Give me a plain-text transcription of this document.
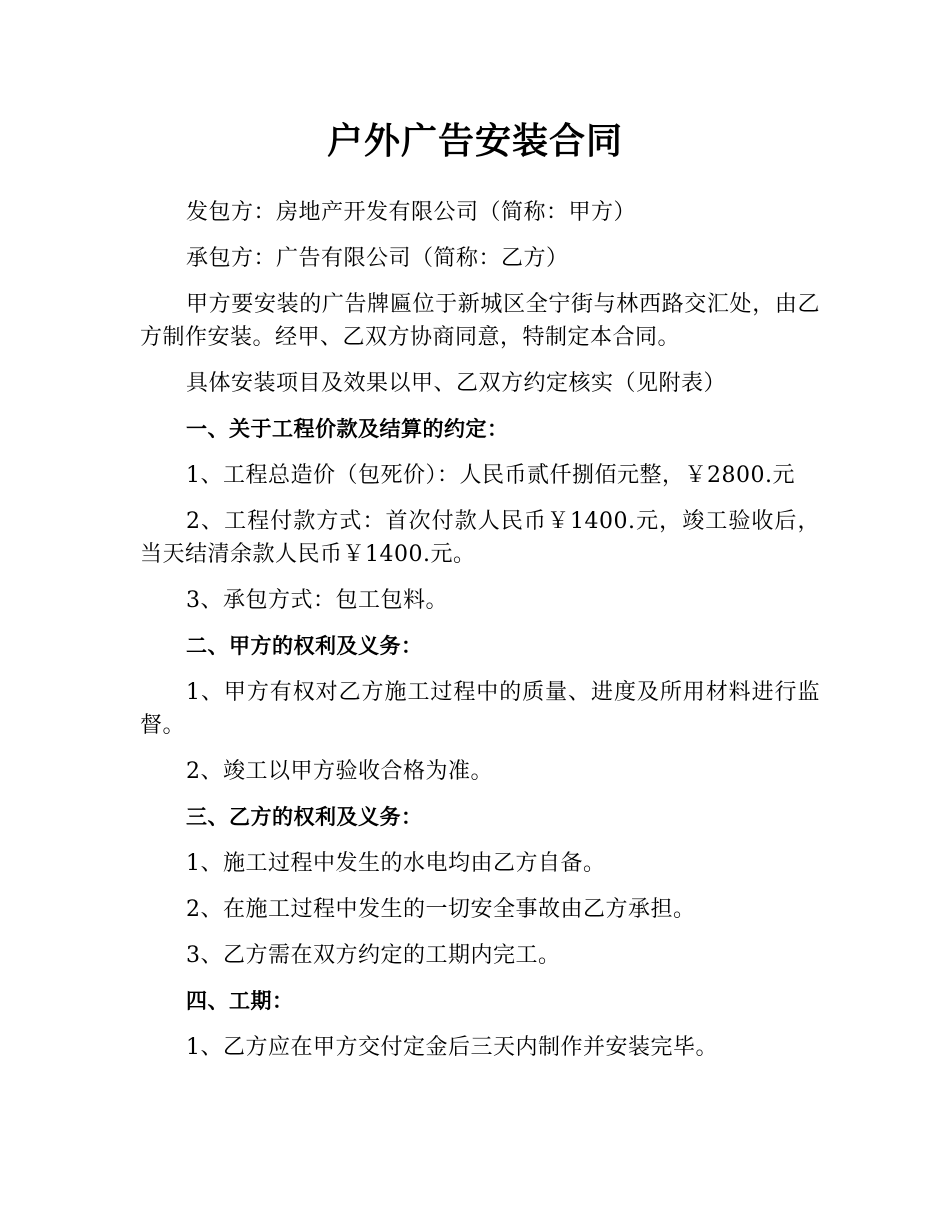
户外广告安装合同

发包方：房地产开发有限公司（简称：甲方）

承包方：广告有限公司（简称：乙方）

甲方要安装的广告牌匾位于新城区全宁街与林西路交汇处，由乙方制作安装。经甲、乙双方协商同意，特制定本合同。

具体安装项目及效果以甲、乙双方约定核实（见附表）

一、关于工程价款及结算的约定：

1、工程总造价（包死价）：人民币贰仟捌佰元整，￥2800.元

2、工程付款方式：首次付款人民币￥1400.元，竣工验收后，当天结清余款人民币￥1400.元。

3、承包方式：包工包料。

二、甲方的权利及义务：

1、甲方有权对乙方施工过程中的质量、进度及所用材料进行监督。

2、竣工以甲方验收合格为准。

三、乙方的权利及义务：

1、施工过程中发生的水电均由乙方自备。

2、在施工过程中发生的一切安全事故由乙方承担。

3、乙方需在双方约定的工期内完工。

四、工期：

1、乙方应在甲方交付定金后三天内制作并安装完毕。
